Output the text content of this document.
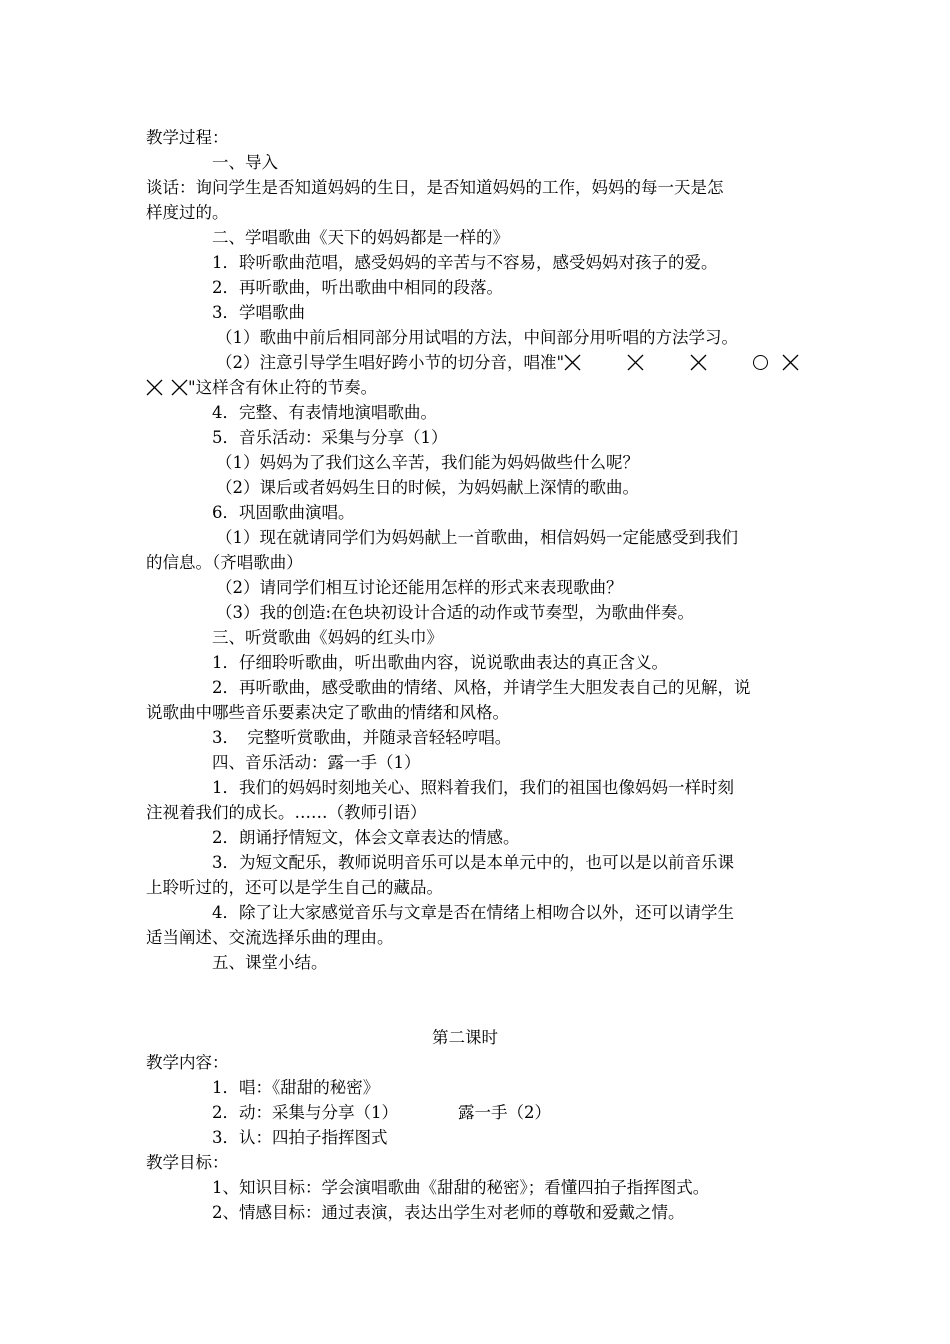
教学过程：
一、导入
谈话：询问学生是否知道妈妈的生日，是否知道妈妈的工作，妈妈的每一天是怎
样度过的。
二、学唱歌曲《天下的妈妈都是一样的》
1．聆听歌曲范唱，感受妈妈的辛苦与不容易，感受妈妈对孩子的爱。
2．再听歌曲，听出歌曲中相同的段落。
3．学唱歌曲
（1）歌曲中前后相同部分用试唱的方法，中间部分用听唱的方法学习。
（2）注意引导学生唱好跨小节的切分音，唱准"
"这样含有休止符的节奏。
4．完整、有表情地演唱歌曲。
5．音乐活动：采集与分享（1）
（1）妈妈为了我们这么辛苦，我们能为妈妈做些什么呢？
（2）课后或者妈妈生日的时候，为妈妈献上深情的歌曲。
6．巩固歌曲演唱。
（1）现在就请同学们为妈妈献上一首歌曲，相信妈妈一定能感受到我们
的信息。（齐唱歌曲）
（2）请同学们相互讨论还能用怎样的形式来表现歌曲？
（3）我的创造:在色块初设计合适的动作或节奏型，为歌曲伴奏。
三、听赏歌曲《妈妈的红头巾》
1．仔细聆听歌曲，听出歌曲内容，说说歌曲表达的真正含义。
2．再听歌曲，感受歌曲的情绪、风格，并请学生大胆发表自己的见解，说
说歌曲中哪些音乐要素决定了歌曲的情绪和风格。
3．　完整听赏歌曲，并随录音轻轻哼唱。
四、音乐活动：露一手（1）
1．我们的妈妈时刻地关心、照料着我们，我们的祖国也像妈妈一样时刻
注视着我们的成长。……（教师引语）
2．朗诵抒情短文，体会文章表达的情感。
3．为短文配乐，教师说明音乐可以是本单元中的，也可以是以前音乐课
上聆听过的，还可以是学生自己的藏品。
4．除了让大家感觉音乐与文章是否在情绪上相吻合以外，还可以请学生
适当阐述、交流选择乐曲的理由。
五、课堂小结。
第二课时
教学内容：
1．唱：《甜甜的秘密》
2．动：采集与分享（1）	露一手（2）
3．认：四拍子指挥图式
教学目标：
1、知识目标：学会演唱歌曲《甜甜的秘密》；看懂四拍子指挥图式。
2、情感目标：通过表演，表达出学生对老师的尊敬和爱戴之情。
